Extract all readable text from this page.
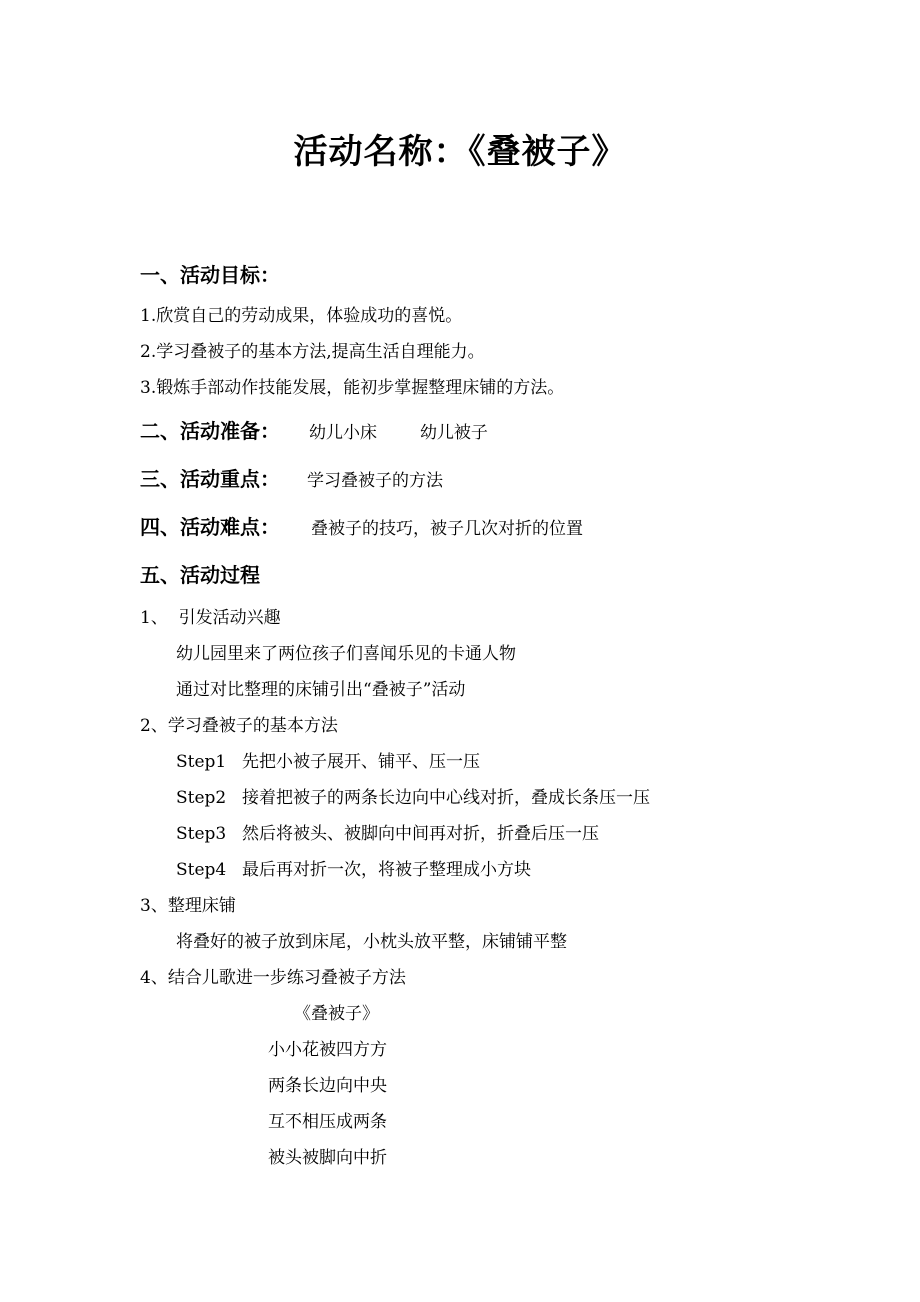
活动名称：《叠被子》
一、活动目标：
1.欣赏自己的劳动成果，体验成功的喜悦。
2.学习叠被子的基本方法,提高生活自理能力。
3.锻炼手部动作技能发展，能初步掌握整理床铺的方法。
二、活动准备： 幼儿小床	幼儿被子
三、活动重点： 学习叠被子的方法
四、活动难点： 叠被子的技巧，被子几次对折的位置
五、活动过程
1、  引发活动兴趣
幼儿园里来了两位孩子们喜闻乐见的卡通人物
通过对比整理的床铺引出“叠被子”活动
2、学习叠被子的基本方法
Step1 先把小被子展开、铺平、压一压
Step2 接着把被子的两条长边向中心线对折，叠成长条压一压
Step3 然后将被头、被脚向中间再对折，折叠后压一压
Step4 最后再对折一次，将被子整理成小方块
3、整理床铺
将叠好的被子放到床尾，小枕头放平整，床铺铺平整
4、结合儿歌进一步练习叠被子方法
《叠被子》
小小花被四方方
两条长边向中央
互不相压成两条
被头被脚向中折
